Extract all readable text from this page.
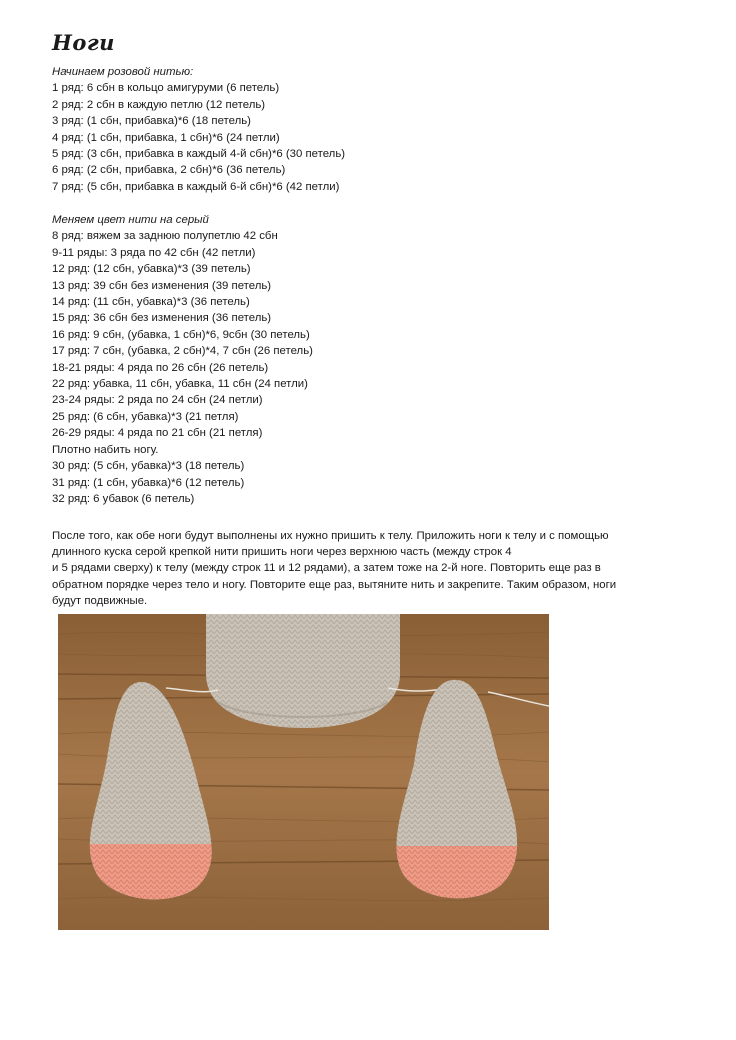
Ноги
Начинаем розовой нитью:
1 ряд: 6 сбн в кольцо амигуруми (6 петель)
2 ряд: 2 сбн в каждую петлю (12 петель)
3 ряд: (1 сбн, прибавка)*6 (18 петель)
4 ряд: (1 сбн, прибавка, 1 сбн)*6 (24 петли)
5 ряд: (3 сбн, прибавка в каждый 4-й сбн)*6 (30 петель)
6 ряд: (2 сбн, прибавка, 2 сбн)*6 (36 петель)
7 ряд: (5 сбн, прибавка в каждый 6-й сбн)*6 (42 петли)
Меняем цвет нити на серый
8 ряд: вяжем за заднюю полупетлю 42 сбн
9-11 ряды: 3 ряда по 42 сбн (42 петли)
12 ряд: (12 сбн, убавка)*3 (39 петель)
13 ряд: 39 сбн без изменения (39 петель)
14 ряд: (11 сбн, убавка)*3 (36 петель)
15 ряд: 36 сбн без изменения (36 петель)
16 ряд: 9 сбн, (убавка, 1 сбн)*6, 9сбн (30 петель)
17 ряд: 7 сбн, (убавка, 2 сбн)*4, 7 сбн (26 петель)
18-21 ряды: 4 ряда по 26 сбн (26 петель)
22 ряд: убавка, 11 сбн, убавка, 11 сбн (24 петли)
23-24 ряды: 2 ряда по 24 сбн (24 петли)
25 ряд: (6 сбн, убавка)*3 (21 петля)
26-29 ряды: 4 ряда по 21 сбн (21 петля)
Плотно набить ногу.
30 ряд: (5 сбн, убавка)*3 (18 петель)
31 ряд: (1 сбн, убавка)*6 (12 петель)
32 ряд: 6 убавок (6 петель)
После того, как обе ноги будут выполнены их нужно пришить к телу. Приложить ноги к телу и с помощью
длинного куска серой крепкой нити пришить ноги через верхнюю часть (между строк 4
и 5 рядами сверху) к телу (между строк 11 и 12 рядами), а затем тоже на 2-й ноге. Повторить еще раз в
обратном порядке через тело и ногу. Повторите еще раз, вытяните нить и закрепите. Таким образом, ноги
будут подвижные.
